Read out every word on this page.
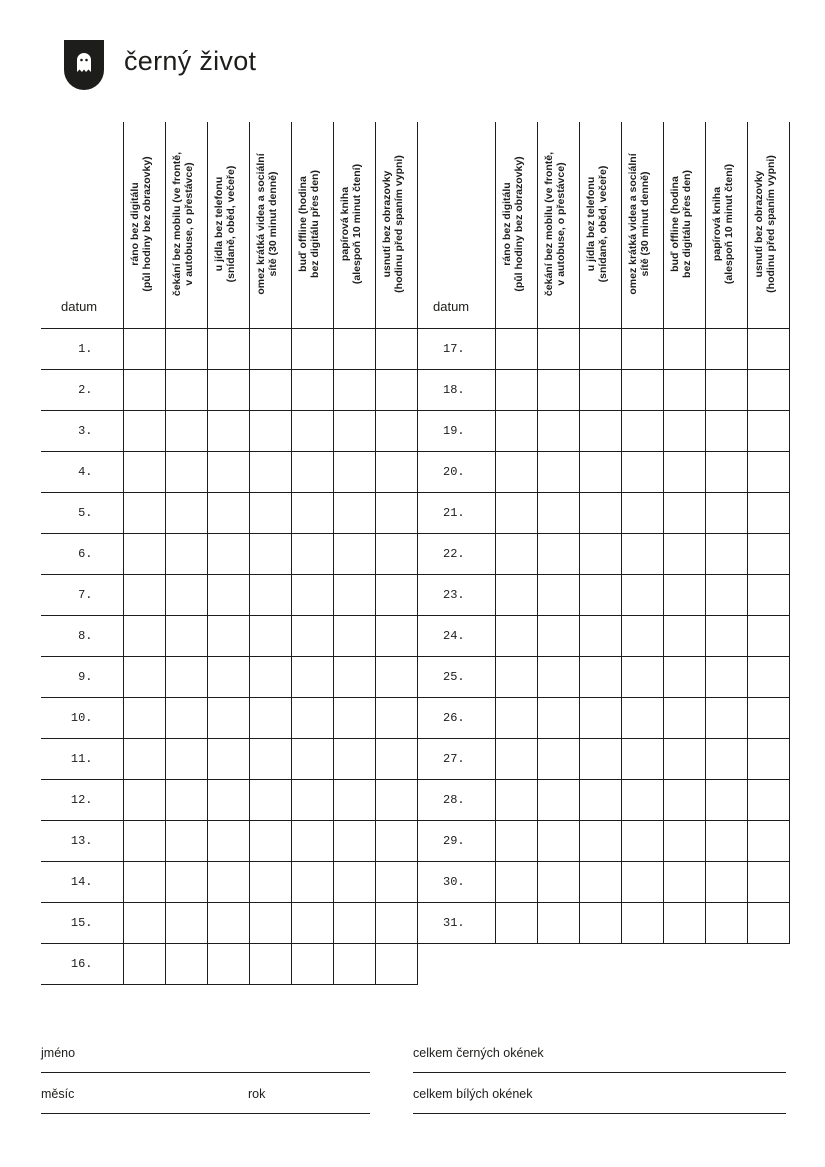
černý život
datum	ráno bez digitálu (půl hodiny bez obrazovky)	čekání bez mobilu (ve frontě, v autobuse, o přestávce)	u jídla bez telefonu (snídaně, oběd, večeře)	omez krátká videa a sociální sítě (30 minut denně)	buď offline (hodina bez digitálu přes den)	papírová kniha (alespoň 10 minut čtení)	usnutí bez obrazovky (hodinu před spaním vypni)

1.							
2.							
3.							
4.							
5.							
6.							
7.							
8.							
9.							
10.							
11.							
12.							
13.							
14.							
15.							
16.							
datum	ráno bez digitálu (půl hodiny bez obrazovky)	čekání bez mobilu (ve frontě, v autobuse, o přestávce)	u jídla bez telefonu (snídaně, oběd, večeře)	omez krátká videa a sociální sítě (30 minut denně)	buď offline (hodina bez digitálu přes den)	papírová kniha (alespoň 10 minut čtení)	usnutí bez obrazovky (hodinu před spaním vypni)

17.							
18.							
19.							
20.							
21.							
22.							
23.							
24.							
25.							
26.							
27.							
28.							
29.							
30.							
31.							
jméno
měsíc	rok
celkem černých okének
celkem bílých okének
